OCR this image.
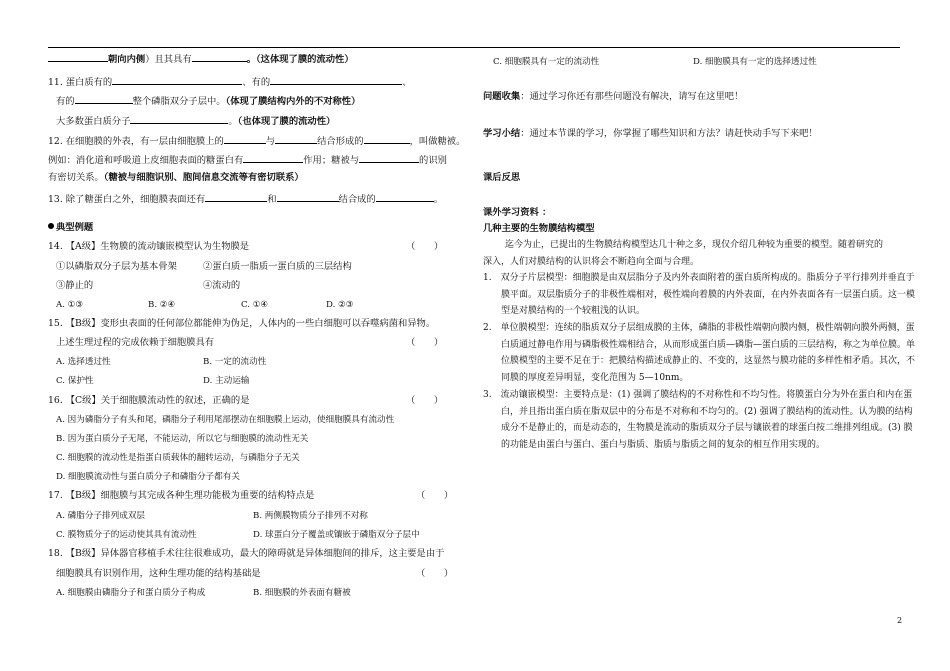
朝向内侧）且其具有	。（这体现了膜的流动性）
11. 蛋白质有的	、有的	、
有的	整个磷脂双分子层中。（体现了膜结构内外的不对称性）
大多数蛋白质分子	。（也体现了膜的流动性）
12. 在细胞膜的外表，有一层由细胞膜上的	与	结合形成的	，叫做糖被。
例如：消化道和呼吸道上皮细胞表面的糖蛋白有	作用；糖被与	的识别
有密切关系。（糖被与细胞识别、胞间信息交流等有密切联系）
13. 除了糖蛋白之外，细胞膜表面还有	和	结合成的	。
典型例题
14. 【A级】生物膜的流动镶嵌模型认为生物膜是	（　　）
①以磷脂双分子层为基本骨架	②蛋白质一脂质一蛋白质的三层结构
③静止的	④流动的
A. ①③	B. ②④	C. ①④	D. ②③
15. 【B级】变形虫表面的任何部位都能伸为伪足，人体内的一些白细胞可以吞噬病菌和异物。
上述生理过程的完成依赖于细胞膜具有	（　　）
A. 选择透过性	B. 一定的流动性
C. 保护性	D. 主动运输
16. 【C级】关于细胞膜流动性的叙述，正确的是	（　　）
A. 因为磷脂分子有头和尾，磷脂分子利用尾部摆动在细胞膜上运动，使细胞膜具有流动性
B. 因为蛋白质分子无尾，不能运动，所以它与细胞膜的流动性无关
C. 细胞膜的流动性是指蛋白质载体的翻转运动，与磷脂分子无关
D. 细胞膜流动性与蛋白质分子和磷脂分子都有关
17. 【B级】细胞膜与其完成各种生理功能极为重要的结构特点是	（　　）
A. 磷脂分子排列成双层	B. 两侧膜物质分子排列不对称
C. 膜物质分子的运动使其具有流动性	D. 球蛋白分子覆盖或镶嵌于磷脂双分子层中
18. 【B级】异体器官移植手术往往很难成功，最大的障碍就是异体细胞间的排斥，这主要是由于
细胞膜具有识别作用，这种生理功能的结构基础是	（　　）
A. 细胞膜由磷脂分子和蛋白质分子构成	B. 细胞膜的外表面有糖被
C. 细胞膜具有一定的流动性	D. 细胞膜具有一定的选择透过性
问题收集：通过学习你还有那些问题没有解决，请写在这里吧！
学习小结：通过本节课的学习，你掌握了哪些知识和方法？请赶快动手写下来吧！
课后反思
课外学习资料 ：
几种主要的生物膜结构模型
迄今为止，已提出的生物膜结构模型达几十种之多，现仅介绍几种较为重要的模型。随着研究的
深入，人们对膜结构的认识将会不断趋向全面与合理。
1.　双分子片层模型：细胞膜是由双层脂分子及内外表面附着的蛋白质所构成的。脂质分子平行排列并垂直于膜平面。双层脂质分子的非极性端相对，极性端向着膜的内外表面，在内外表面各有一层蛋白质。这一模型是对膜结构的一个较粗浅的认识。
2.　单位膜模型：连续的脂质双分子层组成膜的主体，磷脂的非极性端朝向膜内侧，极性端朝向膜外两侧，蛋白质通过静电作用与磷脂极性端相结合，从而形成蛋白质—磷脂—蛋白质的三层结构，称之为单位膜。单位膜模型的主要不足在于：把膜结构描述成静止的、不变的，这显然与膜功能的多样性相矛盾。其次，不同膜的厚度差异明显，变化范围为 5—10nm。
3.　流动镶嵌模型：主要特点是：(1) 强调了膜结构的不对称性和不均匀性。将膜蛋白分为外在蛋白和内在蛋白，并且指出蛋白质在脂双层中的分布是不对称和不均匀的。(2) 强调了膜结构的流动性。认为膜的结构成分不是静止的，而是动态的，生物膜是流动的脂质双分子层与镶嵌着的球蛋白按二维排列组成。(3) 膜的功能是由蛋白与蛋白、蛋白与脂质、脂质与脂质之间的复杂的相互作用实现的。
2
